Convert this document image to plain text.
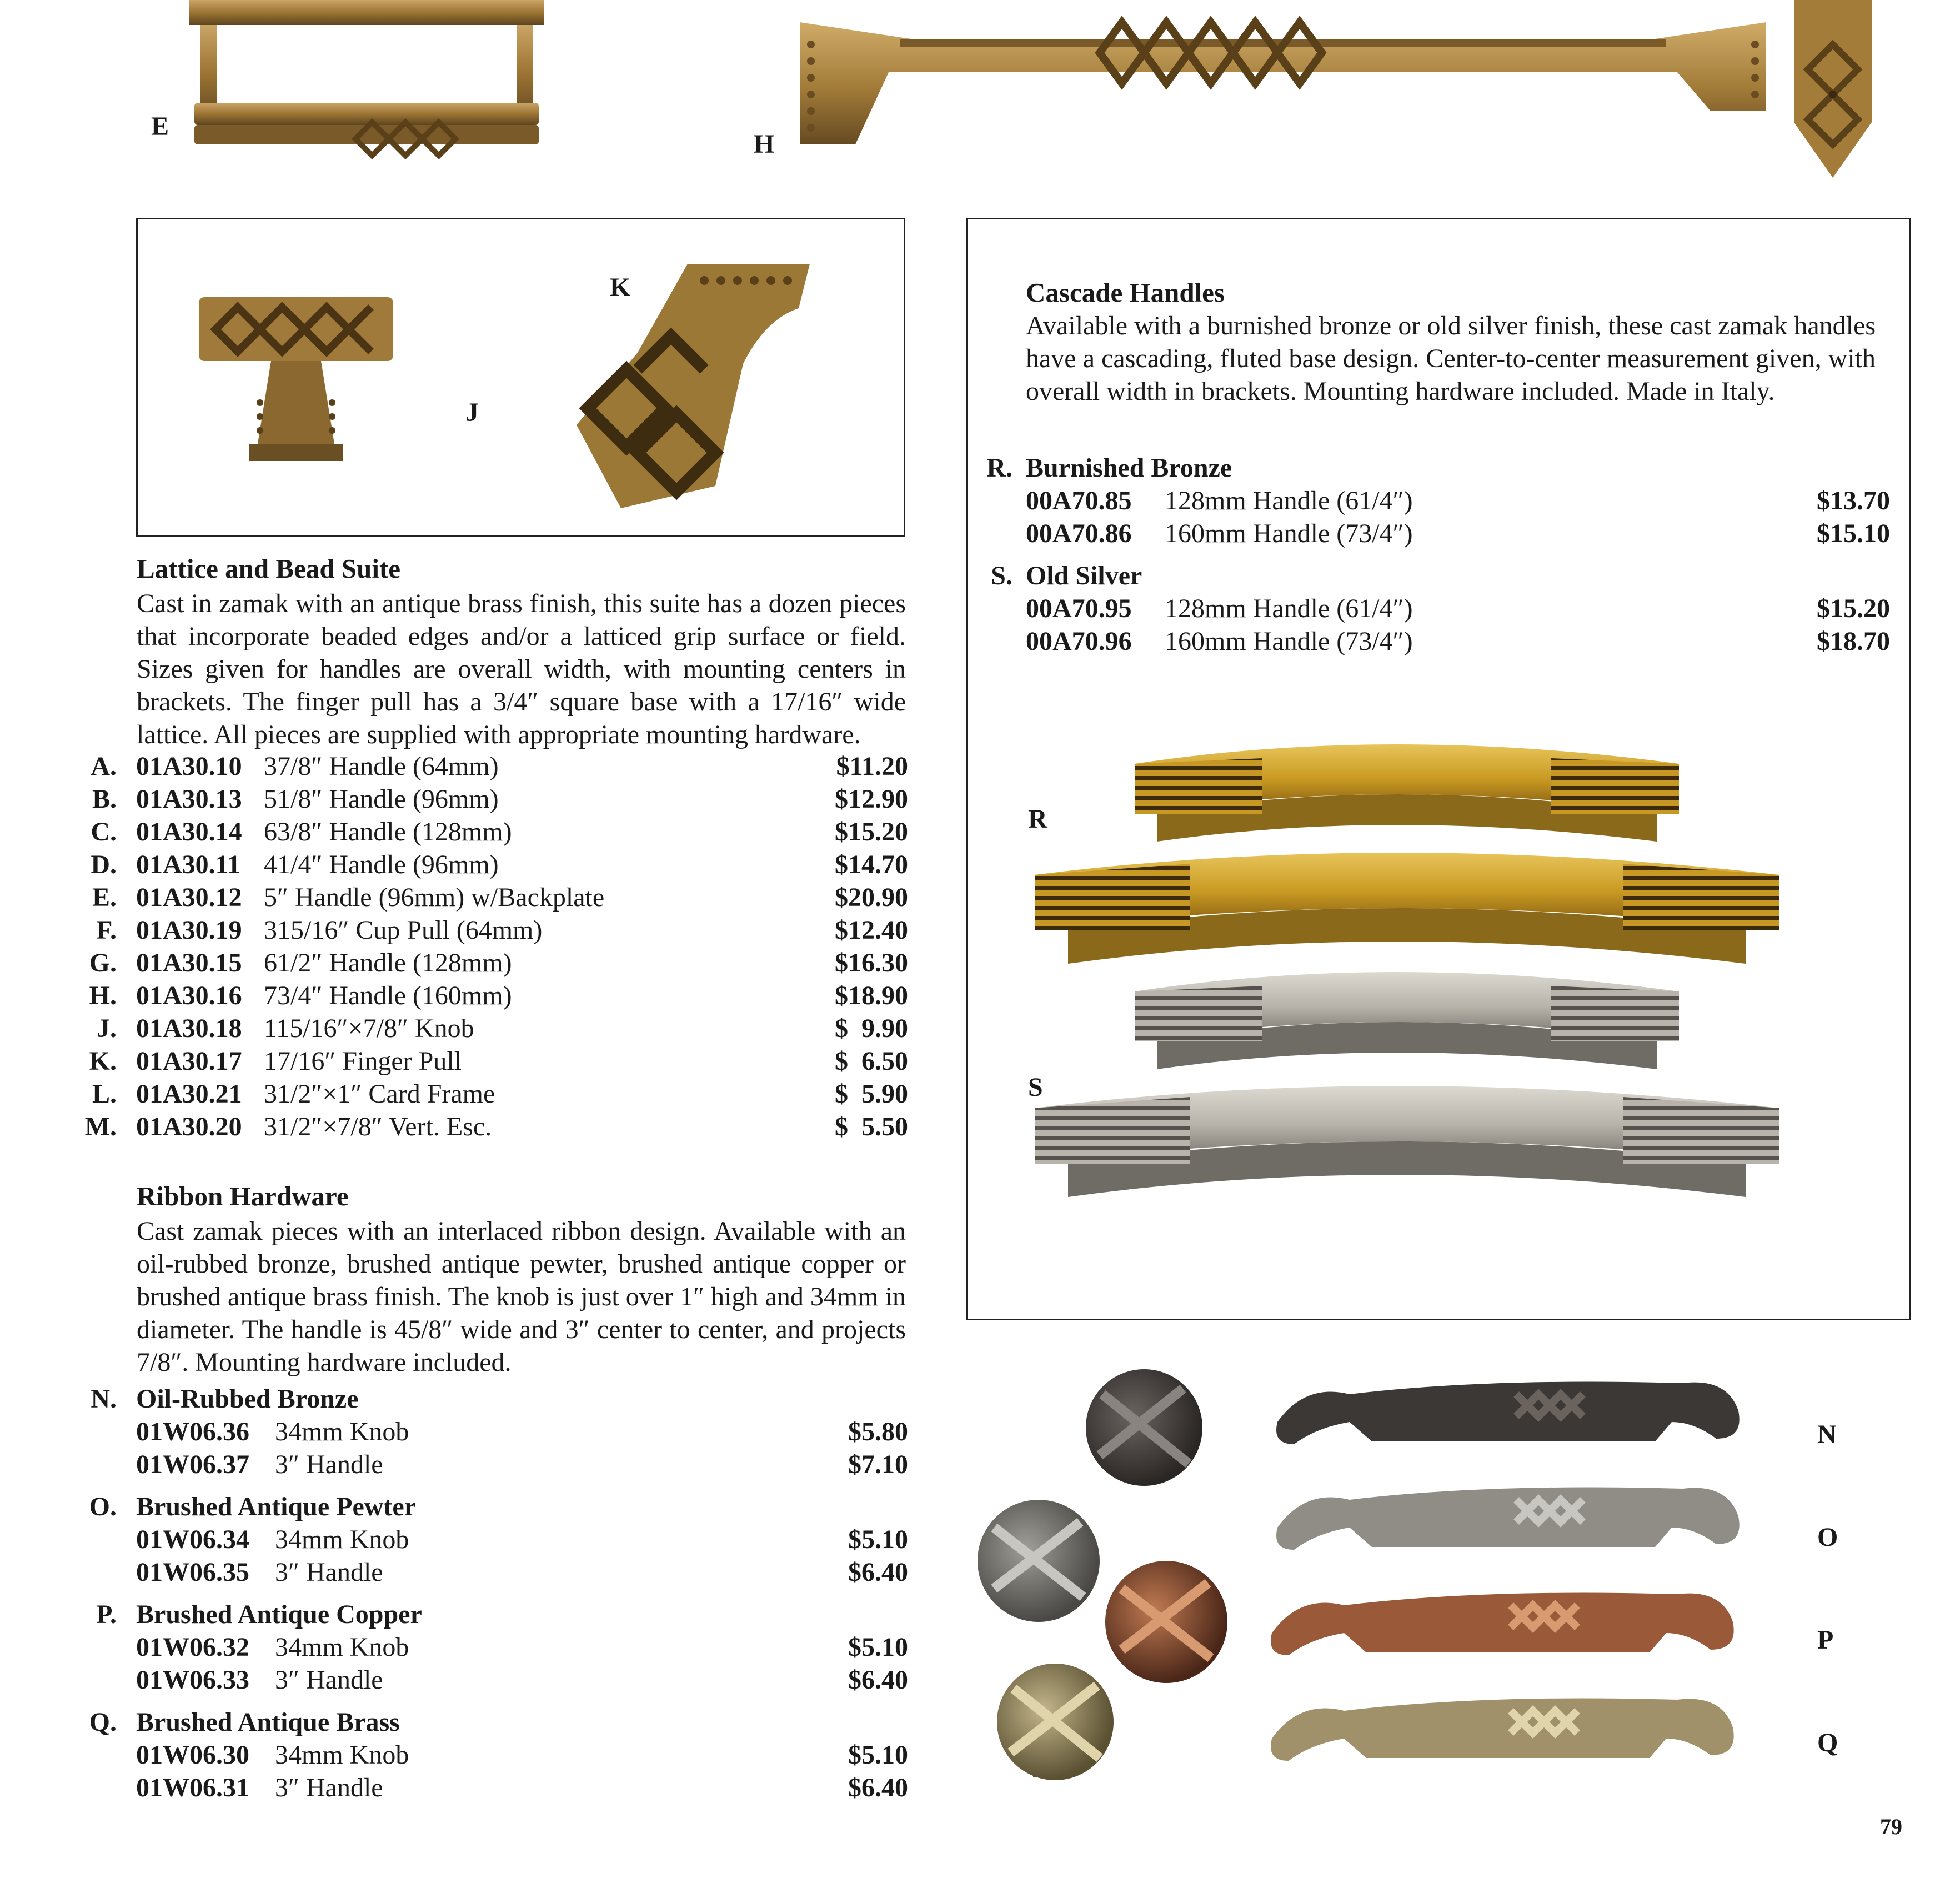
E
H
J
K
Lattice and Bead Suite
Cast in zamak with an antique brass finish, this suite has a dozen pieces that incorporate beaded edges and/or a latticed grip surface or field. Sizes given for handles are overall width, with mounting centers in brackets. The finger pull has a 3/4″ square base with a 17/16″ wide lattice. All pieces are supplied with appropriate mounting hardware.
A. 01A30.10 37/8″ Handle (64mm)	$11.20
B. 01A30.13 51/8″ Handle (96mm)	$12.90
C. 01A30.14 63/8″ Handle (128mm)	$15.20
D. 01A30.11 41/4″ Handle (96mm)	$14.70
E. 01A30.12 5″ Handle (96mm) w/Backplate	$20.90
F. 01A30.19 315/16″ Cup Pull (64mm)	$12.40
G. 01A30.15 61/2″ Handle (128mm)	$16.30
H. 01A30.16 73/4″ Handle (160mm)	$18.90
J. 01A30.18 115/16″×7/8″ Knob	$  9.90
K. 01A30.17 17/16″ Finger Pull	$  6.50
L. 01A30.21 31/2″×1″ Card Frame	$  5.90
M. 01A30.20 31/2″×7/8″ Vert. Esc.	$  5.50
Ribbon Hardware
Cast zamak pieces with an interlaced ribbon design. Available with an oil-rubbed bronze, brushed antique pewter, brushed antique copper or brushed antique brass finish. The knob is just over 1″ high and 34mm in diameter. The handle is 45/8″ wide and 3″ center to center, and projects 7/8″. Mounting hardware included.
N. Oil-Rubbed Bronze
01W06.36 34mm Knob	$5.80
01W06.37 3″ Handle	$7.10
O. Brushed Antique Pewter
01W06.34 34mm Knob	$5.10
01W06.35 3″ Handle	$6.40
P. Brushed Antique Copper
01W06.32 34mm Knob	$5.10
01W06.33 3″ Handle	$6.40
Q. Brushed Antique Brass
01W06.30 34mm Knob	$5.10
01W06.31 3″ Handle	$6.40
Cascade Handles
Available with a burnished bronze or old silver finish, these cast zamak handles have a cascading, fluted base design. Center-to-center measurement given, with overall width in brackets. Mounting hardware included. Made in Italy.
R. Burnished Bronze
00A70.85 128mm Handle (61/4″)	$13.70
00A70.86 160mm Handle (73/4″)	$15.10
S. Old Silver
00A70.95 128mm Handle (61/4″)	$15.20
00A70.96 160mm Handle (73/4″)	$18.70
R
S
N
O
P
Q
79
